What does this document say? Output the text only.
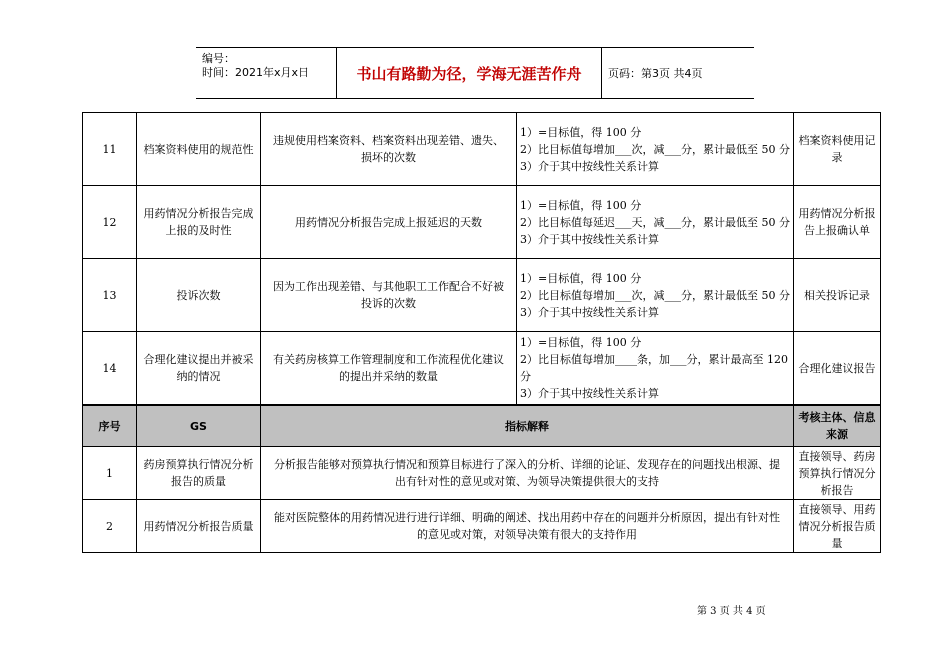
编号：
时间：2021年x月x日	书山有路勤为径，学海无涯苦作舟	页码：第3页 共4页
11	档案资料使用的规范性	违规使用档案资料、档案资料出现差错、遗失、损坏的次数	1）=目标值，得 100 分
2）比目标值每增加___次，减___分，累计最低至 50 分
3）介于其中按线性关系计算	档案资料使用记录
12	用药情况分析报告完成上报的及时性	用药情况分析报告完成上报延迟的天数	1）=目标值，得 100 分
2）比目标值每延迟___天，减___分，累计最低至 50 分
3）介于其中按线性关系计算	用药情况分析报告上报确认单
13	投诉次数	因为工作出现差错、与其他职工工作配合不好被投诉的次数	1）=目标值，得 100 分
2）比目标值每增加___次，减___分，累计最低至 50 分
3）介于其中按线性关系计算	相关投诉记录
14	合理化建议提出并被采纳的情况	有关药房核算工作管理制度和工作流程优化建议的提出并采纳的数量	1）=目标值，得 100 分
2）比目标值每增加____条，加___分，累计最高至 120 分
3）介于其中按线性关系计算	合理化建议报告
序号	GS	指标解释		考核主体、信息来源
1	药房预算执行情况分析报告的质量	分析报告能够对预算执行情况和预算目标进行了深入的分析、详细的论证、发现存在的问题找出根源、提出有针对性的意见或对策、为领导决策提供很大的支持		直接领导、药房预算执行情况分析报告
2	用药情况分析报告质量	能对医院整体的用药情况进行进行详细、明确的阐述、找出用药中存在的问题并分析原因，提出有针对性的意见或对策，对领导决策有很大的支持作用		直接领导、用药情况分析报告质量
第 3 页 共 4 页
